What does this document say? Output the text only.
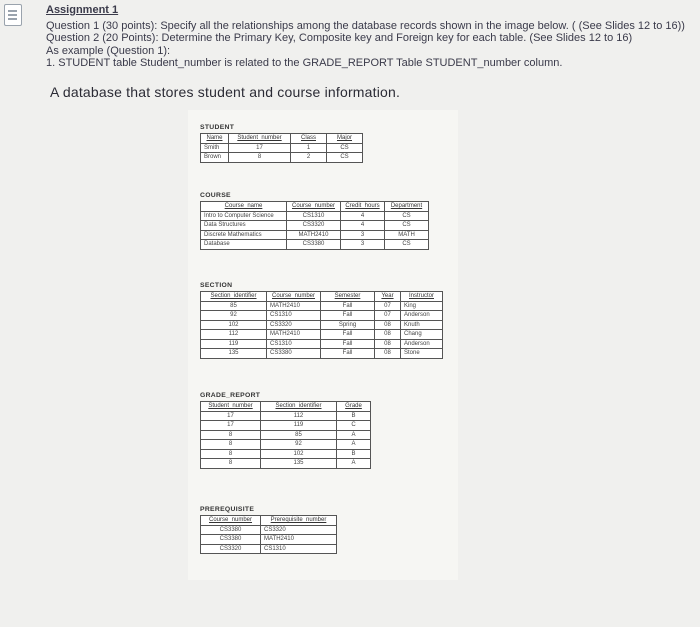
Assignment 1
Question 1 (30 points): Specify all the relationships among the database records shown in the image below. ( (See Slides 12 to 16))
Question 2 (20 Points): Determine the Primary Key, Composite key and Foreign key for each table. (See Slides 12 to 16)
As example (Question 1):
1. STUDENT table Student_number is related to the GRADE_REPORT Table STUDENT_number column.
A database that stores student and course information.
STUDENT
Name	Student_number	Class	Major
Smith	17	1	CS
Brown	8	2	CS
COURSE
Course_name	Course_number	Credit_hours	Department
Intro to Computer Science	CS1310	4	CS
Data Structures	CS3320	4	CS
Discrete Mathematics	MATH2410	3	MATH
Database	CS3380	3	CS
SECTION
Section_identifier	Course_number	Semester	Year	Instructor
85	MATH2410	Fall	07	King
92	CS1310	Fall	07	Anderson
102	CS3320	Spring	08	Knuth
112	MATH2410	Fall	08	Chang
119	CS1310	Fall	08	Anderson
135	CS3380	Fall	08	Stone
GRADE_REPORT
Student_number	Section_identifier	Grade
17	112	B
17	119	C
8	85	A
8	92	A
8	102	B
8	135	A
PREREQUISITE
Course_number	Prerequisite_number
CS3380	CS3320
CS3380	MATH2410
CS3320	CS1310
